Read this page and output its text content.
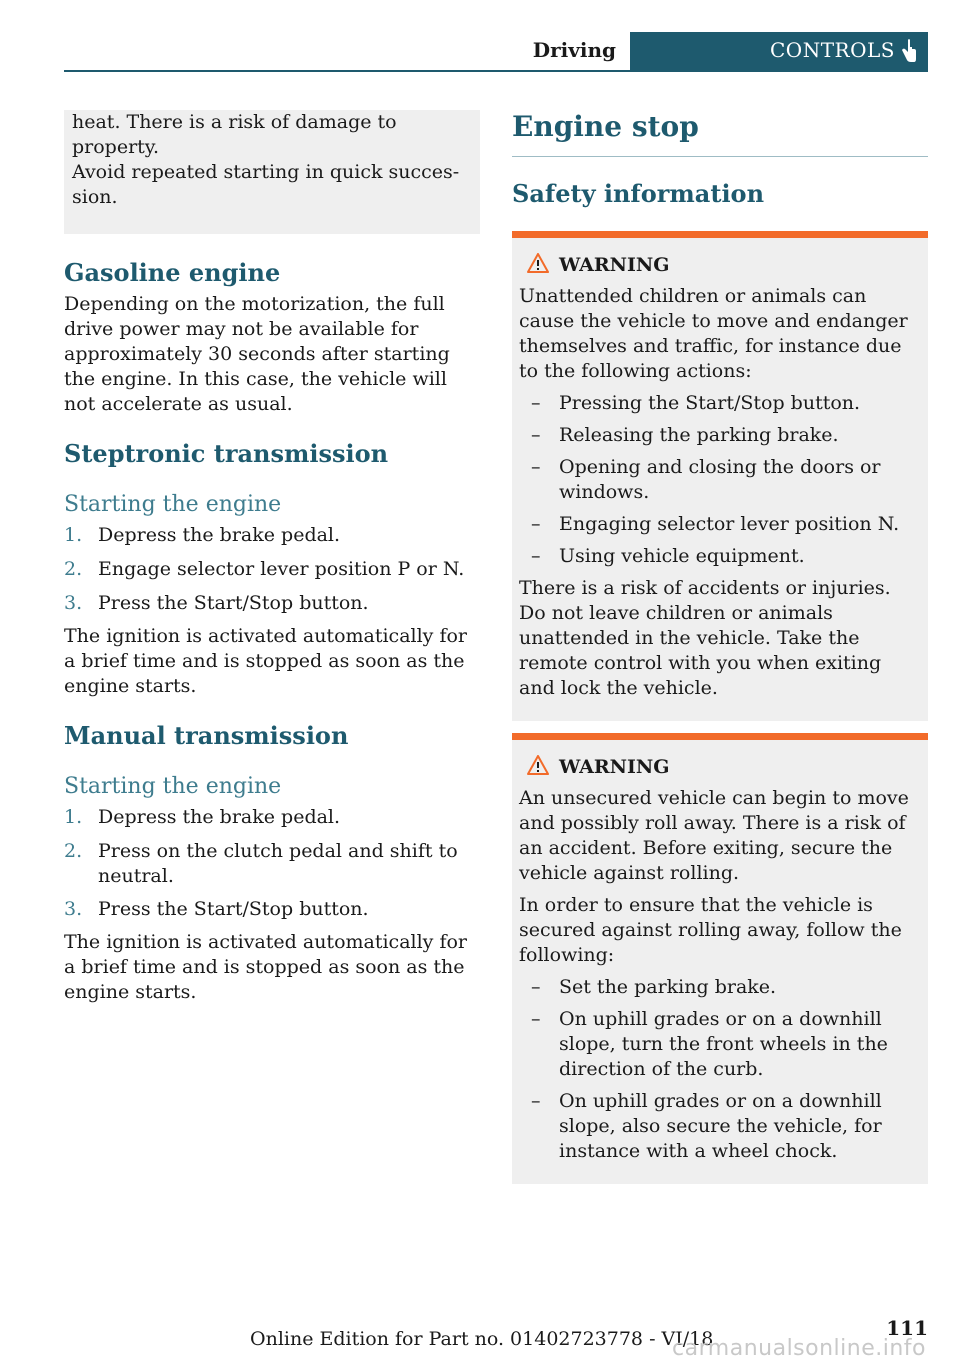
Driving	CONTROLS
heat. There is a risk of damage to property.
Avoid repeated starting in quick succes-
sion.
Gasoline engine

Depending on the motorization, the full drive power may not be available for approximately 30 seconds after starting the engine. In this case, the vehicle will not accelerate as usual.

Steptronic transmission
Starting the engine
1. Depress the brake pedal.
2. Engage selector lever position P or N.
3. Press the Start/Stop button.

The ignition is activated automatically for a brief time and is stopped as soon as the engine starts.

Manual transmission
Starting the engine
1. Depress the brake pedal.
2. Press on the clutch pedal and shift to neutral.
3. Press the Start/Stop button.

The ignition is activated automatically for a brief time and is stopped as soon as the engine starts.

Engine stop
Safety information
WARNING

Unattended children or animals can cause the vehicle to move and endanger themselves and traffic, for instance due to the following actions:

– Pressing the Start/Stop button.
– Releasing the parking brake.
– Opening and closing the doors or windows.
– Engaging selector lever position N.
– Using vehicle equipment.

There is a risk of accidents or injuries. Do not leave children or animals unattended in the vehicle. Take the remote control with you when exiting and lock the vehicle.

WARNING

An unsecured vehicle can begin to move and possibly roll away. There is a risk of an accident. Before exiting, secure the vehicle against rolling.

In order to ensure that the vehicle is secured against rolling away, follow the following:

– Set the parking brake.
– On uphill grades or on a downhill slope, turn the front wheels in the direction of the curb.
– On uphill grades or on a downhill slope, also secure the vehicle, for instance with a wheel chock.
111
Online Edition for Part no. 01402723778 - VI/18
carmanualsonline.info
